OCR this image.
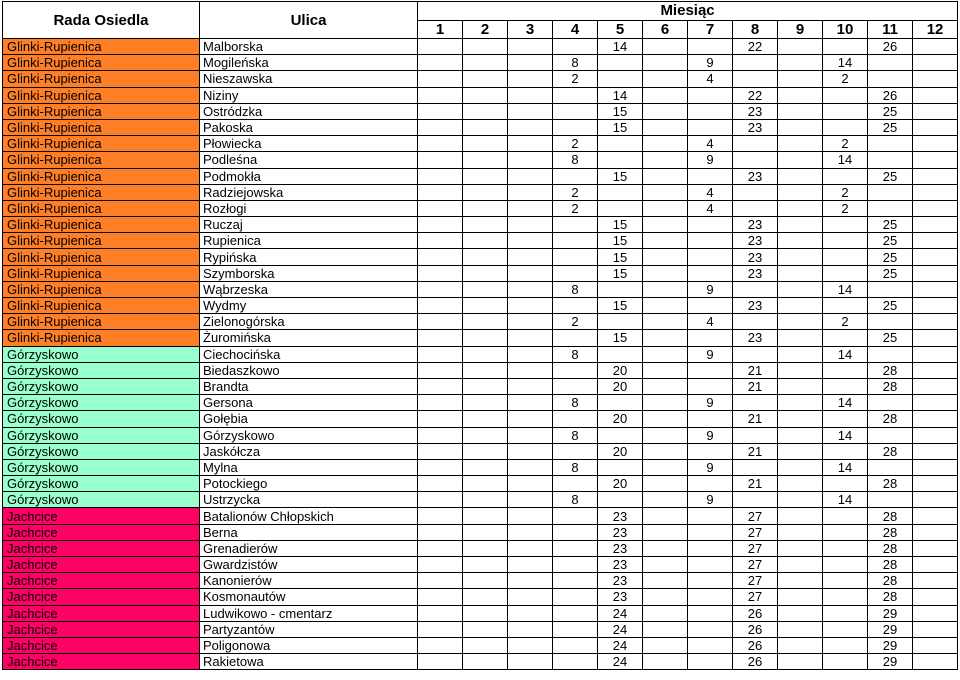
Rada Osiedla	Ulica	Miesiąc											
		1	2	3	4	5	6	7	8	9	10	11	12
Glinki-Rupienica	Malborska					14			22			26	
Glinki-Rupienica	Mogileńska				8			9			14		
Glinki-Rupienica	Nieszawska				2			4			2		
Glinki-Rupienica	Niziny					14			22			26	
Glinki-Rupienica	Ostródzka					15			23			25	
Glinki-Rupienica	Pakoska					15			23			25	
Glinki-Rupienica	Płowiecka				2			4			2		
Glinki-Rupienica	Podleśna				8			9			14		
Glinki-Rupienica	Podmokła					15			23			25	
Glinki-Rupienica	Radziejowska				2			4			2		
Glinki-Rupienica	Rozłogi				2			4			2		
Glinki-Rupienica	Ruczaj					15			23			25	
Glinki-Rupienica	Rupienica					15			23			25	
Glinki-Rupienica	Rypińska					15			23			25	
Glinki-Rupienica	Szymborska					15			23			25	
Glinki-Rupienica	Wąbrzeska				8			9			14		
Glinki-Rupienica	Wydmy					15			23			25	
Glinki-Rupienica	Zielonogórska				2			4			2		
Glinki-Rupienica	Żuromińska					15			23			25	
Górzyskowo	Ciechocińska				8			9			14		
Górzyskowo	Biedaszkowo					20			21			28	
Górzyskowo	Brandta					20			21			28	
Górzyskowo	Gersona				8			9			14		
Górzyskowo	Gołębia					20			21			28	
Górzyskowo	Górzyskowo				8			9			14		
Górzyskowo	Jaskółcza					20			21			28	
Górzyskowo	Mylna				8			9			14		
Górzyskowo	Potockiego					20			21			28	
Górzyskowo	Ustrzycka				8			9			14		
Jachcice	Batalionów Chłopskich					23			27			28	
Jachcice	Berna					23			27			28	
Jachcice	Grenadierów					23			27			28	
Jachcice	Gwardzistów					23			27			28	
Jachcice	Kanonierów					23			27			28	
Jachcice	Kosmonautów					23			27			28	
Jachcice	Ludwikowo - cmentarz					24			26			29	
Jachcice	Partyzantów					24			26			29	
Jachcice	Poligonowa					24			26			29	
Jachcice	Rakietowa					24			26			29	
